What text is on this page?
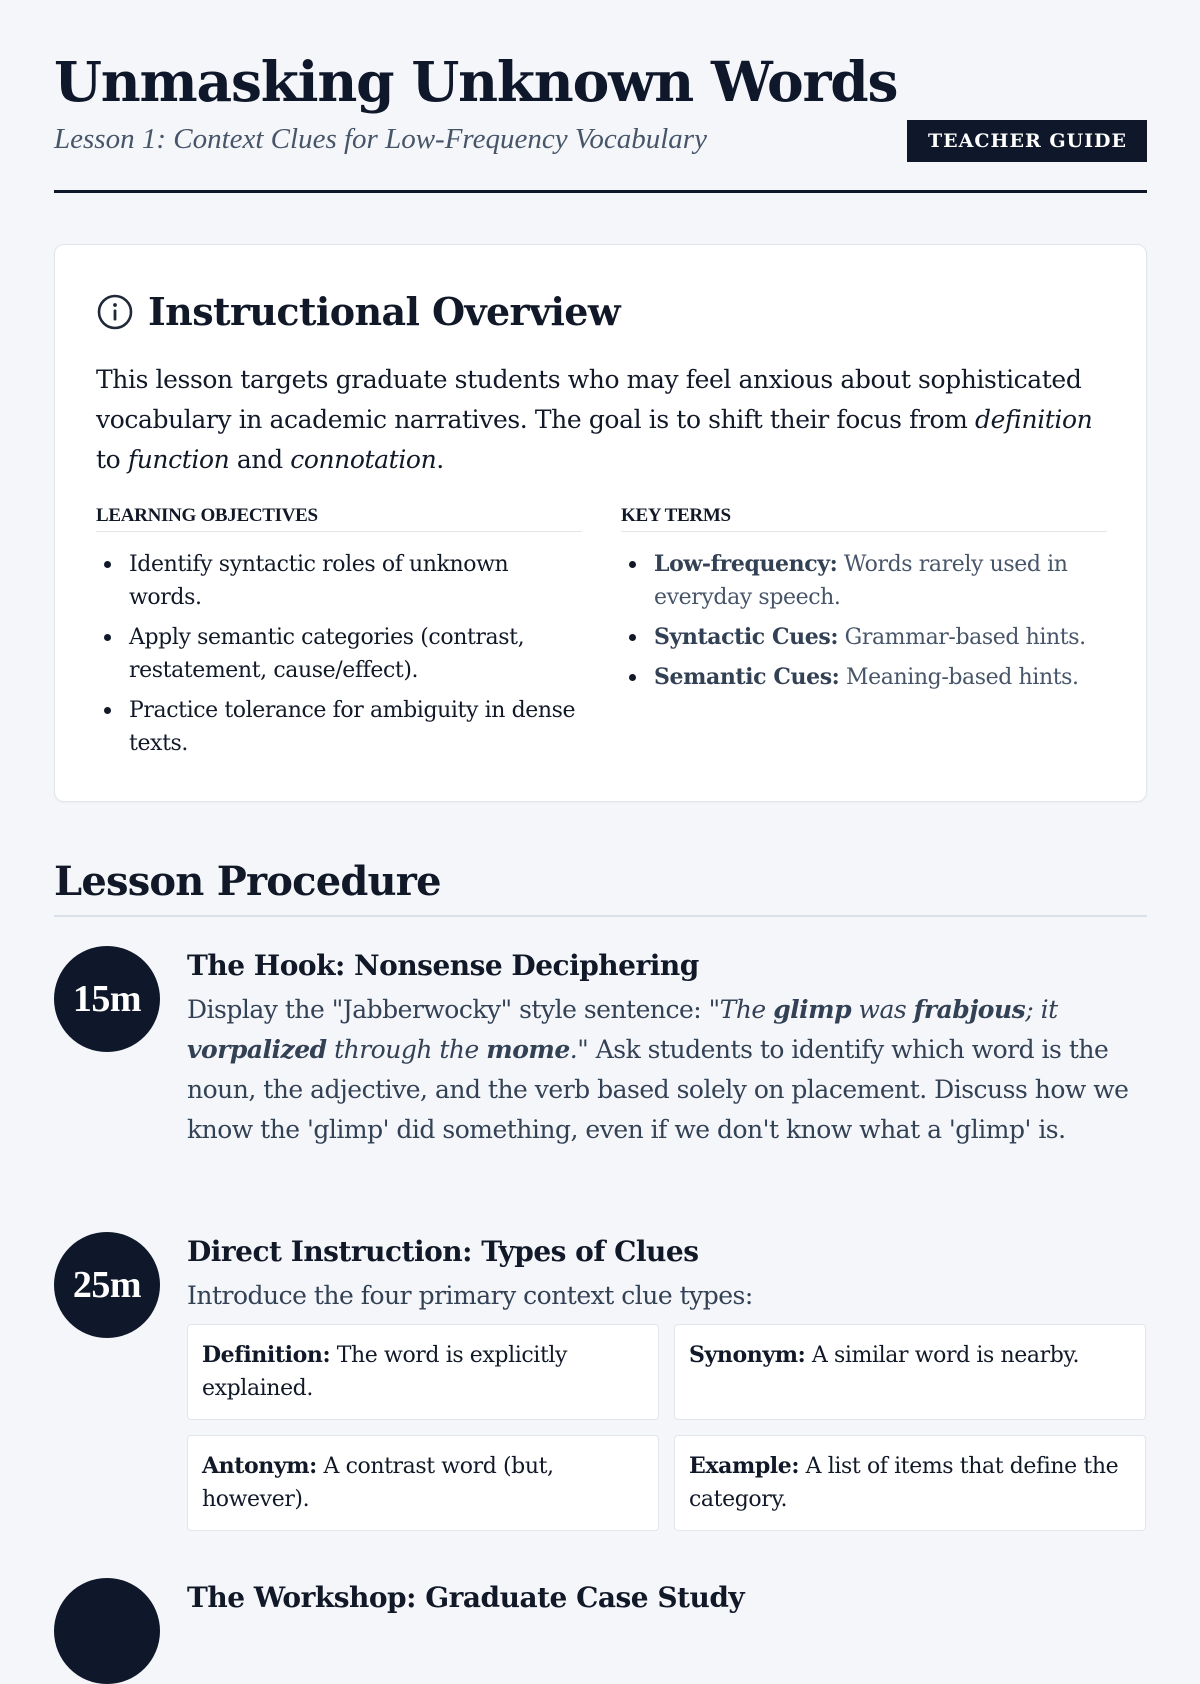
Unmasking Unknown Words

Lesson 1: Context Clues for Low-Frequency Vocabulary	TEACHER GUIDE
Instructional Overview

This lesson targets graduate students who may feel anxious about sophisticated vocabulary in academic narratives. The goal is to shift their focus from definition to function and connotation.

LEARNING OBJECTIVES
Identify syntactic roles of unknown words.
Apply semantic categories (contrast, restatement, cause/effect).
Practice tolerance for ambiguity in dense texts.
KEY TERMS
Low-frequency: Words rarely used in everyday speech.
Syntactic Cues: Grammar-based hints.
Semantic Cues: Meaning-based hints.
Lesson Procedure
15m
The Hook: Nonsense Deciphering

Display the "Jabberwocky" style sentence: "The glimp was frabjous; it vorpalized through the mome." Ask students to identify which word is the noun, the adjective, and the verb based solely on placement. Discuss how we know the 'glimp' did something, even if we don't know what a 'glimp' is.

25m
Direct Instruction: Types of Clues

Introduce the four primary context clue types:

Definition: The word is explicitly explained.
Synonym: A similar word is nearby.
Antonym: A contrast word (but, however).
Example: A list of items that define the category.
The Workshop: Graduate Case Study
